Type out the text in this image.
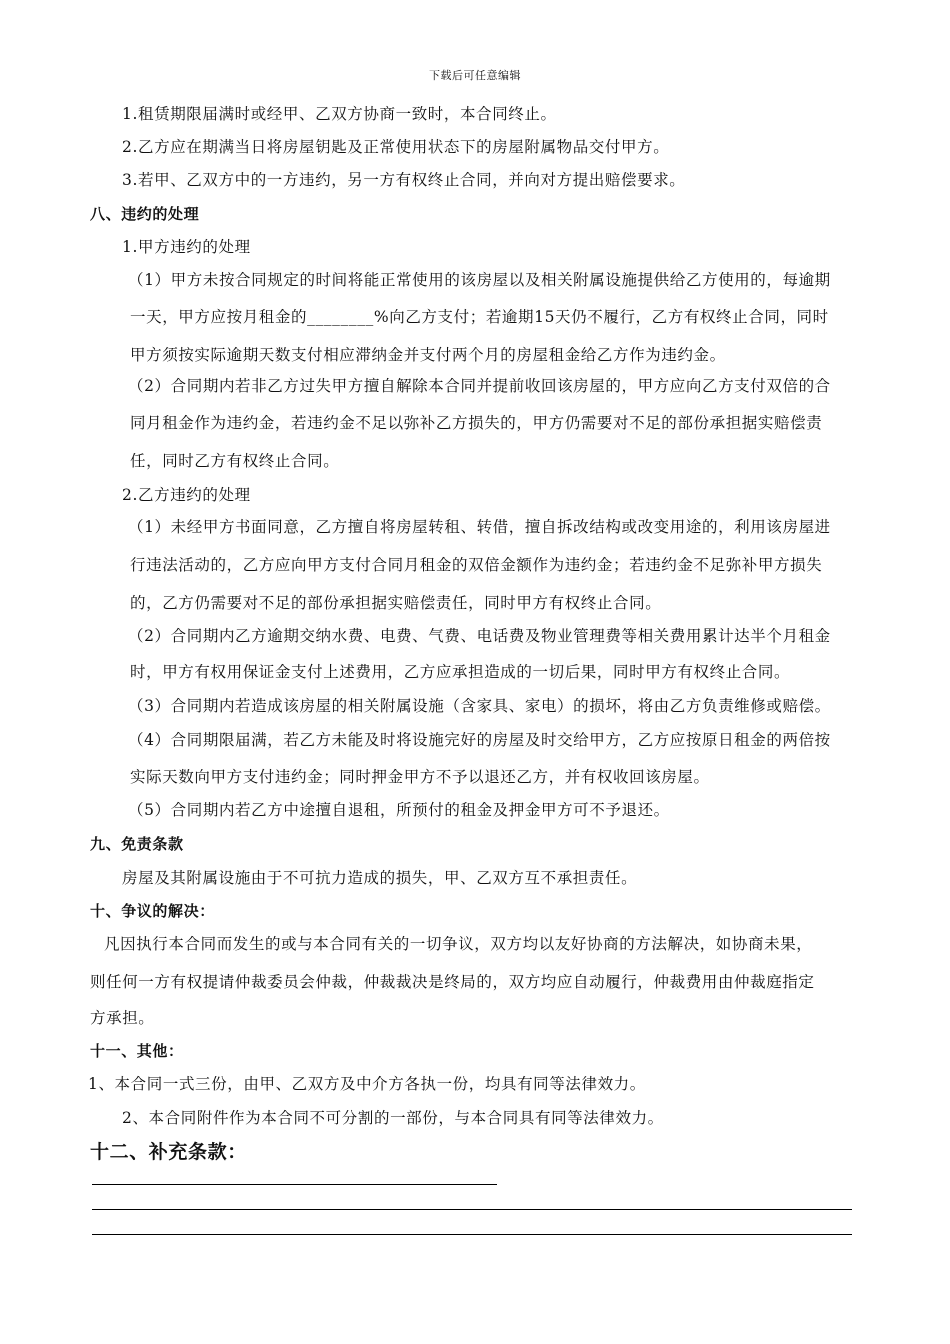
下载后可任意编辑
1.租赁期限届满时或经甲、乙双方协商一致时，本合同终止。
2.乙方应在期满当日将房屋钥匙及正常使用状态下的房屋附属物品交付甲方。
3.若甲、乙双方中的一方违约，另一方有权终止合同，并向对方提出赔偿要求。
八、违约的处理
1.甲方违约的处理
（1）甲方未按合同规定的时间将能正常使用的该房屋以及相关附属设施提供给乙方使用的，每逾期
一天，甲方应按月租金的________%向乙方支付；若逾期15天仍不履行，乙方有权终止合同，同时
甲方须按实际逾期天数支付相应滞纳金并支付两个月的房屋租金给乙方作为违约金。
（2）合同期内若非乙方过失甲方擅自解除本合同并提前收回该房屋的，甲方应向乙方支付双倍的合
同月租金作为违约金，若违约金不足以弥补乙方损失的，甲方仍需要对不足的部份承担据实赔偿责
任，同时乙方有权终止合同。
2.乙方违约的处理
（1）未经甲方书面同意，乙方擅自将房屋转租、转借，擅自拆改结构或改变用途的，利用该房屋进
行违法活动的，乙方应向甲方支付合同月租金的双倍金额作为违约金；若违约金不足弥补甲方损失
的，乙方仍需要对不足的部份承担据实赔偿责任，同时甲方有权终止合同。
（2）合同期内乙方逾期交纳水费、电费、气费、电话费及物业管理费等相关费用累计达半个月租金
时，甲方有权用保证金支付上述费用，乙方应承担造成的一切后果，同时甲方有权终止合同。
（3）合同期内若造成该房屋的相关附属设施（含家具、家电）的损坏，将由乙方负责维修或赔偿。
（4）合同期限届满，若乙方未能及时将设施完好的房屋及时交给甲方，乙方应按原日租金的两倍按
实际天数向甲方支付违约金；同时押金甲方不予以退还乙方，并有权收回该房屋。
（5）合同期内若乙方中途擅自退租，所预付的租金及押金甲方可不予退还。
九、免责条款
房屋及其附属设施由于不可抗力造成的损失，甲、乙双方互不承担责任。
十、争议的解决：
凡因执行本合同而发生的或与本合同有关的一切争议，双方均以友好协商的方法解决，如协商未果，
则任何一方有权提请仲裁委员会仲裁，仲裁裁决是终局的，双方均应自动履行，仲裁费用由仲裁庭指定
方承担。
十一、其他：
1、本合同一式三份，由甲、乙双方及中介方各执一份，均具有同等法律效力。
2、本合同附件作为本合同不可分割的一部份，与本合同具有同等法律效力。
十二、补充条款：
